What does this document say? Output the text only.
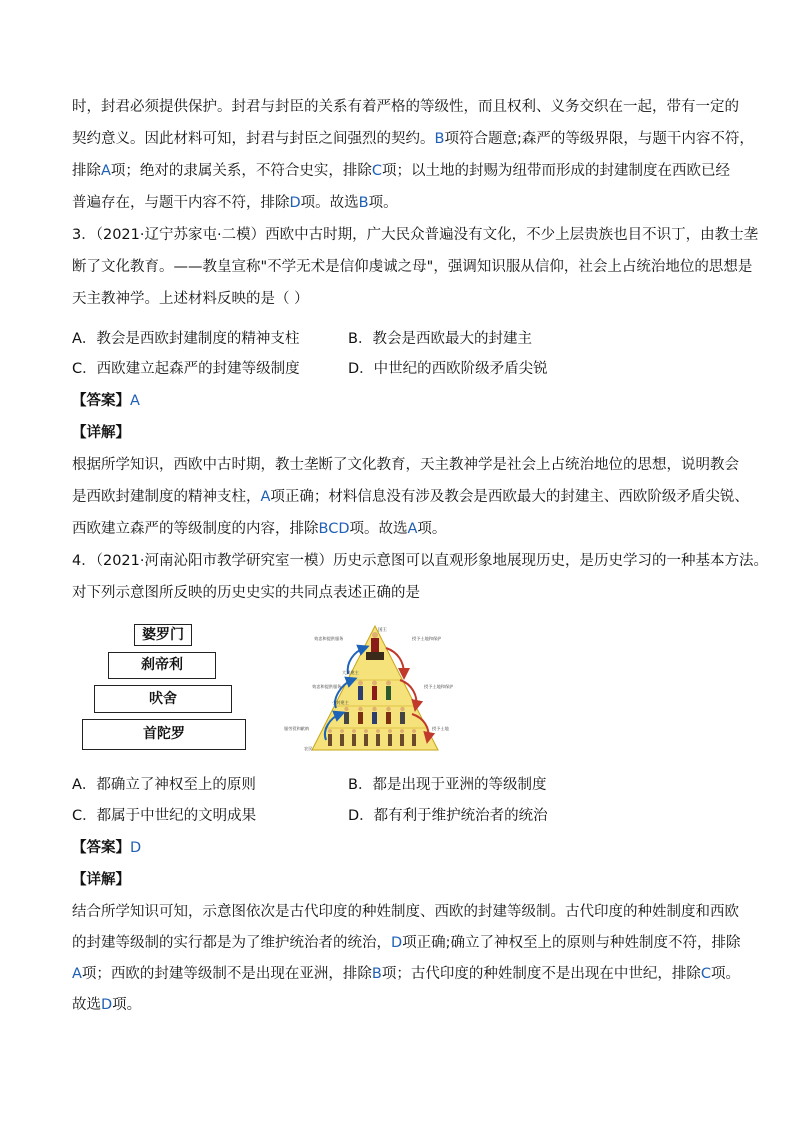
时，封君必须提供保护。封君与封臣的关系有着严格的等级性，而且权利、义务交织在一起，带有一定的
契约意义。因此材料可知，封君与封臣之间强烈的契约。B项符合题意;森严的等级界限，与题干内容不符，
排除A项；绝对的隶属关系，不符合史实，排除C项；以土地的封赐为纽带而形成的封建制度在西欧已经
普遍存在，与题干内容不符，排除D项。故选B项。
3．（2021·辽宁苏家屯·二模）西欧中古时期，广大民众普遍没有文化，不少上层贵族也目不识丁，由教士垄
断了文化教育。——教皇宣称"不学无术是信仰虔诚之母"，强调知识服从信仰，社会上占统治地位的思想是
天主教神学。上述材料反映的是（ ）
A．教会是西欧封建制度的精神支柱	B．教会是西欧最大的封建主
C．西欧建立起森严的封建等级制度	D．中世纪的西欧阶级矛盾尖锐
【答案】A
【详解】
根据所学知识，西欧中古时期，教士垄断了文化教育，天主教神学是社会上占统治地位的思想，说明教会
是西欧封建制度的精神支柱，A项正确；材料信息没有涉及教会是西欧最大的封建主、西欧阶级矛盾尖锐、
西欧建立森严的等级制度的内容，排除BCD项。故选A项。
4．（2021·河南沁阳市教学研究室一模）历史示意图可以直观形象地展现历史，是历史学习的一种基本方法。
对下列示意图所反映的历史史实的共同点表述正确的是
婆罗门
刹帝利
吠舍
首陀罗
国王
效忠和提供服务
效忠和提供服务
服劳役和献纳
授予土地和保护
授予土地和保护
授予土地
大封建主
小封建主
农民
A．都确立了神权至上的原则	B．都是出现于亚洲的等级制度
C．都属于中世纪的文明成果	D．都有利于维护统治者的统治
【答案】D
【详解】
结合所学知识可知，示意图依次是古代印度的种姓制度、西欧的封建等级制。古代印度的种姓制度和西欧
的封建等级制的实行都是为了维护统治者的统治，D项正确;确立了神权至上的原则与种姓制度不符，排除
A项；西欧的封建等级制不是出现在亚洲，排除B项；古代印度的种姓制度不是出现在中世纪，排除C项。
故选D项。
